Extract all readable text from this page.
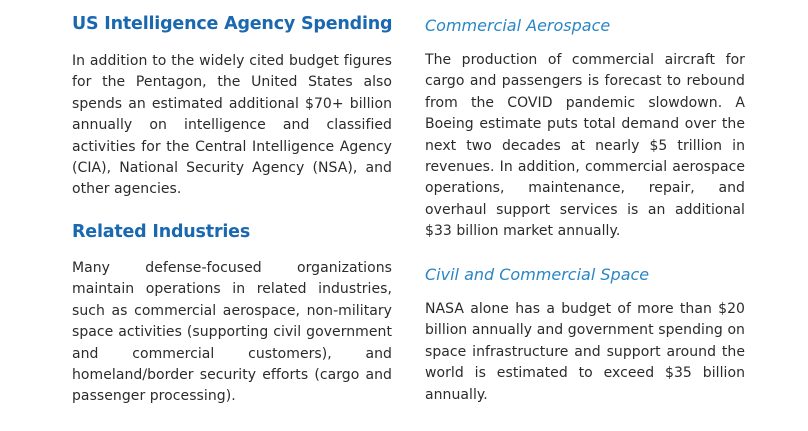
US Intelligence Agency Spending

In addition to the widely cited budget figures for the Pentagon, the United States also spends an estimated additional $70+ billion annually on intelligence and classified activities for the Central Intelligence Agency (CIA), National Security Agency (NSA), and other agencies.

Related Industries

Many defense-focused organizations maintain operations in related industries, such as commercial aerospace, non-military space activities (supporting civil government and commercial customers), and homeland/border security efforts (cargo and passenger processing).

Commercial Aerospace

The production of commercial aircraft for cargo and passengers is forecast to rebound from the COVID pandemic slowdown. A Boeing estimate puts total demand over the next two decades at nearly $5 trillion in revenues. In addition, commercial aerospace operations, maintenance, repair, and overhaul support services is an additional $33 billion market annually.

Civil and Commercial Space

NASA alone has a budget of more than $20 billion annually and government spending on space infrastructure and support around the world is estimated to exceed $35 billion annually.
